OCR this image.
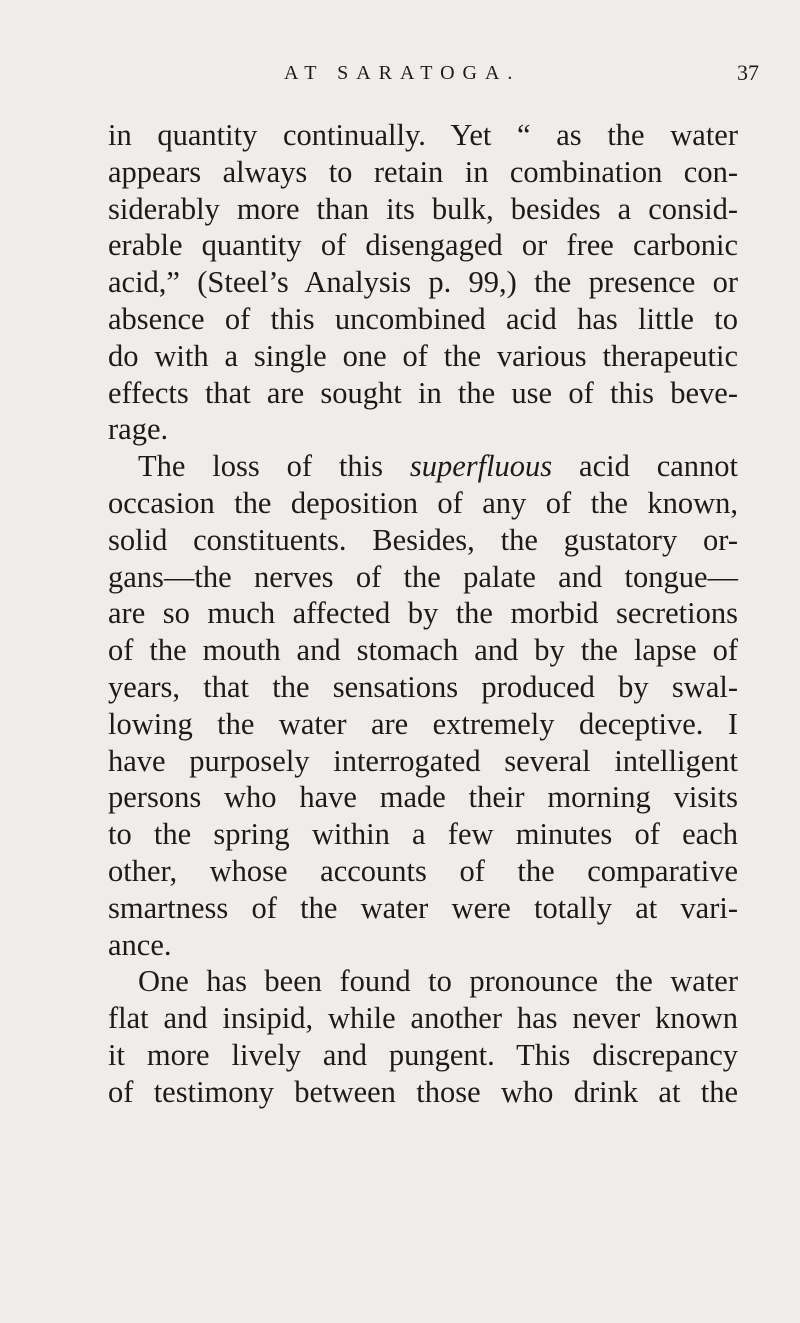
AT SARATOGA.	37
in quantity continually. Yet “ as the water
appears always to retain in combination con-
siderably more than its bulk, besides a consid-
erable quantity of disengaged or free carbonic
acid,” (Steel’s Analysis p. 99,) the presence or
absence of this uncombined acid has little to
do with a single one of the various therapeutic
effects that are sought in the use of this beve-
rage.
The loss of this superfluous acid cannot
occasion the deposition of any of the known,
solid constituents. Besides, the gustatory or-
gans—the nerves of the palate and tongue—
are so much affected by the morbid secretions
of the mouth and stomach and by the lapse of
years, that the sensations produced by swal-
lowing the water are extremely deceptive. I
have purposely interrogated several intelligent
persons who have made their morning visits
to the spring within a few minutes of each
other, whose accounts of the comparative
smartness of the water were totally at vari-
ance.
One has been found to pronounce the water
flat and insipid, while another has never known
it more lively and pungent. This discrepancy
of testimony between those who drink at the
